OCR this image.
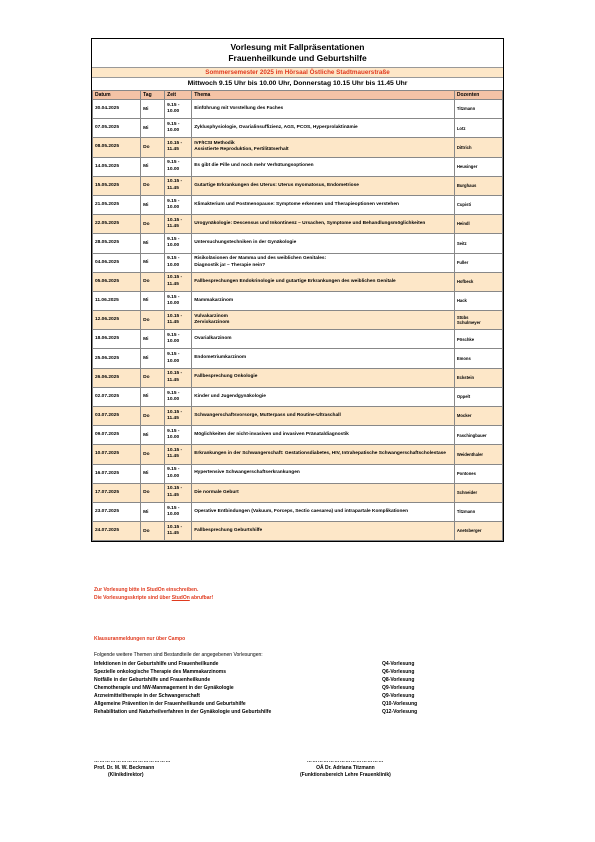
Vorlesung mit Fallpräsentationen
Frauenheilkunde und Geburtshilfe
Sommersemester 2025 im Hörsaal Östliche Stadtmauerstraße
Mittwoch 9.15 Uhr bis 10.00 Uhr, Donnerstag 10.15 Uhr bis 11.45 Uhr
Datum	Tag	Zeit	Thema	Dozenten
30.04.2025	Mi	9.15 - 10.00	Einführung mit Vorstellung des Faches	Titzmann
07.05.2025	Mi	9.15 - 10.00	Zyklusphysiologie, Ovarialinsuffizienz, AGS, PCOS, Hyperprolaktinämie	Lotz
08.05.2025	Do	10.15 - 11.45	IVF/ICSI Methodik
Assistierte Reproduktion, Fertilitätserhalt	Dittrich
14.05.2025	Mi	9.15 - 10.00	Es gibt die Pille und noch mehr Verhütungsoptionen	Heusinger
15.05.2025	Do	10.15 - 11.45	Gutartige Erkrankungen des Uterus: Uterus myomatosus, Endometriose	Burghaus
21.05.2025	Mi	9.15 - 10.00	Klimakterium und Postmenopause: Symptome erkennen und Therapieoptionen verstehen	Cupisti
22.05.2025	Do	10.15 - 11.45	Urogynäkologie: Descensus und Inkontinenz – Ursachen, Symptome und Behandlungsmöglichkeiten	Heindl
28.05.2025	Mi	9.15 - 10.00	Untersuchungstechniken in der Gynäkologie	Seitz
04.06.2025	Mi	9.15 - 10.00	Risikoläsionen der Mamma und des weiblichen Genitales:
Diagnostik ja! – Therapie nein?	Fuller
05.06.2025	Do	10.15 - 11.45	Fallbesprechungen Endokrinologie und gutartige Erkrankungen des weiblichen Genitale	Hofbeck
11.06.2025	Mi	9.15 - 10.00	Mammakarzinom	Hack
12.06.2025	Do	10.15 - 11.45	Vulvakarzinom
Zervixkarzinom	Stübs
Schulmeyer
18.06.2025	Mi	9.15 - 10.00	Ovarialkarzinom	Pöschke
25.06.2025	Mi	9.15 - 10.00	Endometriumkarzinom	Emons
26.06.2025	Do	10.15 - 11.45	Fallbesprechung Onkologie	Eckstein
02.07.2025	Mi	9.15 - 10.00	Kinder und Jugendgynäkologie	Oppelt
03.07.2025	Do	10.15 - 11.45	Schwangerschaftsvorsorge, Mutterpass und Routine-Ultraschall	Mocker
09.07.2025	Mi	9.15 - 10.00	Möglichkeiten der nicht-invasiven und invasiven Pränataldiagnostik	Faschingbauer
10.07.2025	Do	10.15 - 11.45	Erkrankungen in der Schwangerschaft: Gestationsdiabetes, HIV, Intrahepatische Schwangerschaftscholestase	Weidenthaler
16.07.2025	Mi	9.15 - 10.00	Hypertensive Schwangerschaftserkrankungen	Pontones
17.07.2025	Do	10.15 - 11.45	Die normale Geburt	Schneider
23.07.2025	Mi	9.15 - 10.00	Operative Entbindungen (Vakuum, Forceps, Sectio caesarea) und intrapartale Komplikationen	Titzmann
24.07.2025	Do	10.15 - 11.45	Fallbesprechung Geburtshilfe	Anetsberger
Zur Vorlesung bitte in StudOn einschreiben.
Die Vorlesungsskripte sind über StudOn abrufbar!
Klausuranmeldungen nur über Campo
Folgende weitere Themen sind Bestandteile der angegebenen Vorlesungen:
Infektionen in der Geburtshilfe und Frauenheilkunde	Q4-Vorlesung
Spezielle onkologische Therapie des Mammakarzinoms	Q6-Vorlesung
Notfälle in der Geburtshilfe und Frauenheilkunde	Q8-Vorlesung
Chemotherapie und NW-Manmagement in der Gynäkologie	Q9-Vorlesung
Arzneimitteltherapie in der Schwangerschaft	Q9-Vorlesung
Allgemeine Prävention in der Frauenheilkunde und Geburtshilfe	Q10-Vorlesung
Rehabilitation und Naturheilverfahren in der Gynäkologie und Geburtshilfe	Q12-Vorlesung
……………………………………
Prof. Dr. M. W. Beckmann
(Klinikdirektor)
……………………………………
OÄ Dr. Adriana Titzmann
(Funktionsbereich Lehre Frauenklinik)
